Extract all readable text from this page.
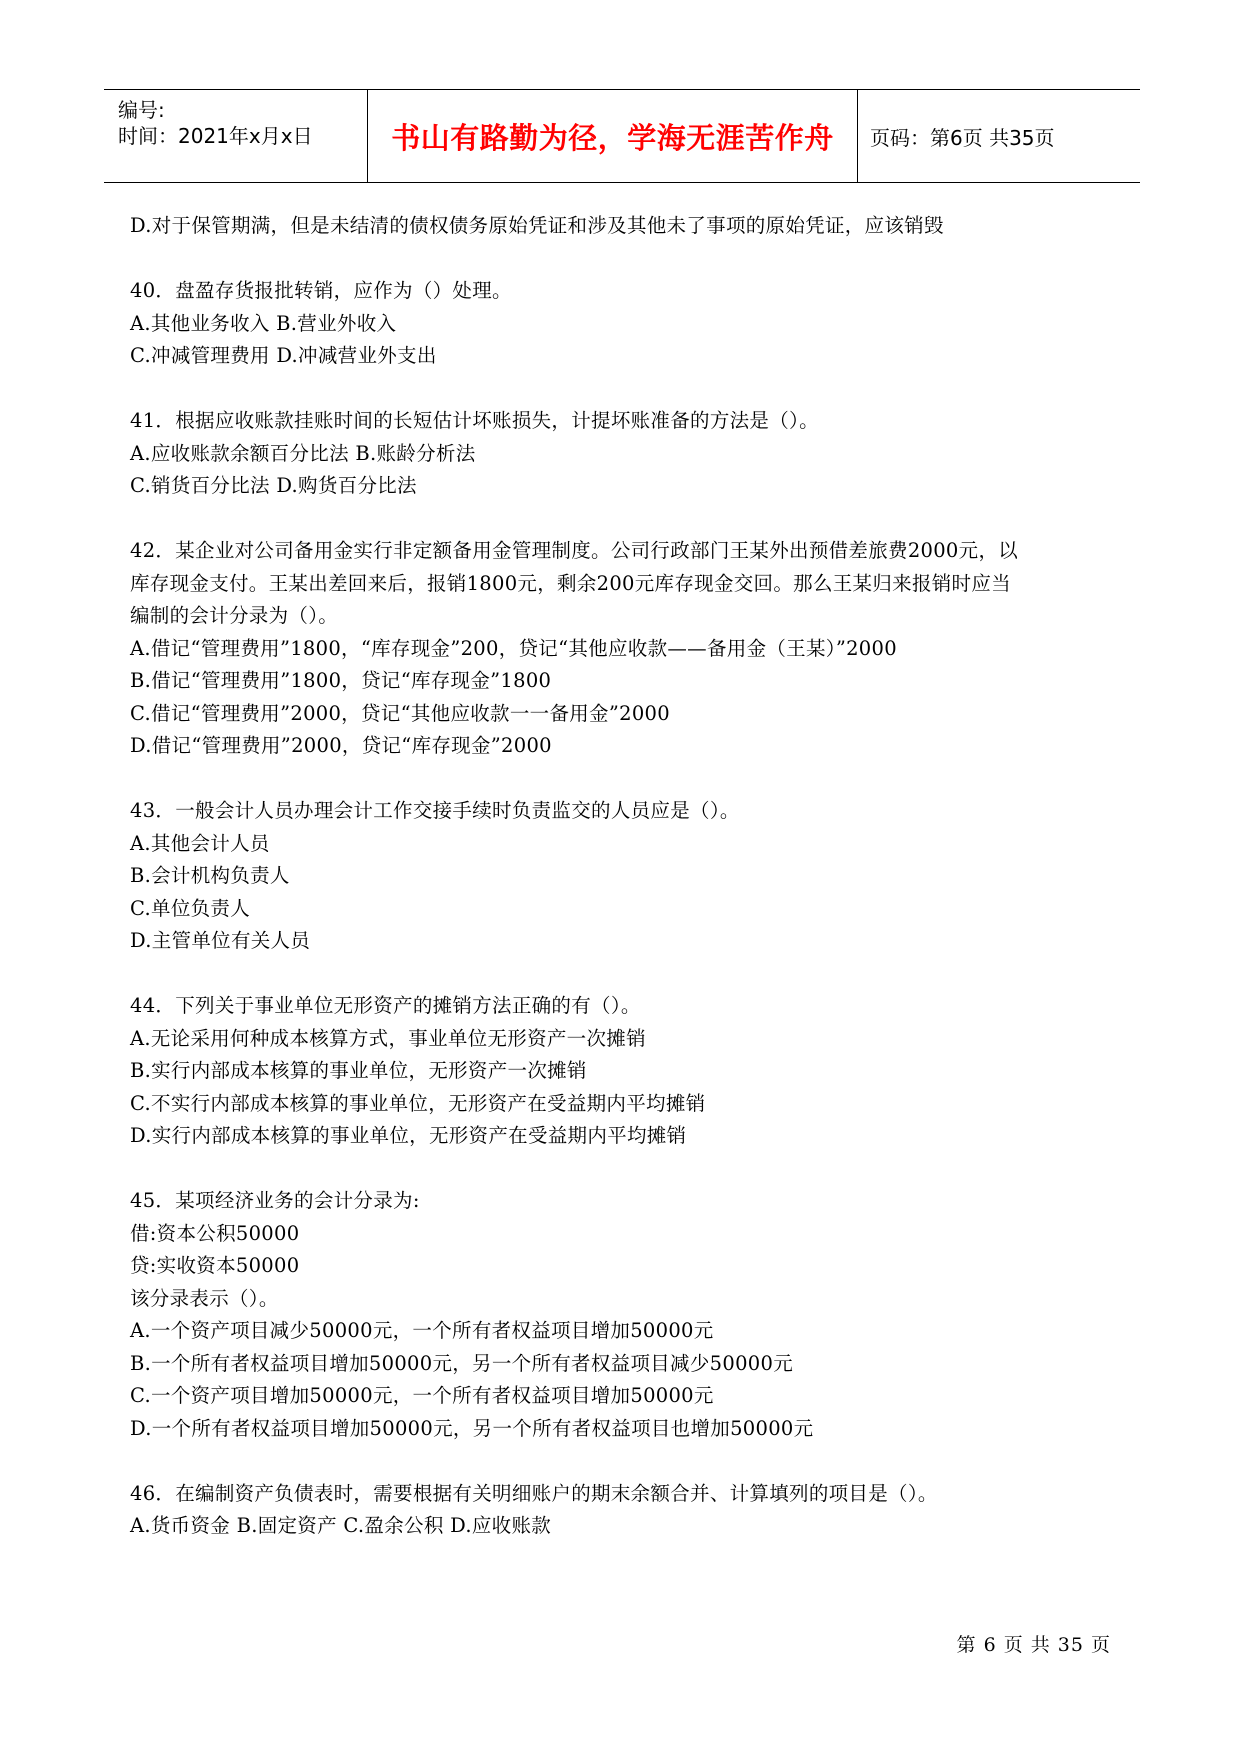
编号:
时间：2021年x月x日	书山有路勤为径，学海无涯苦作舟 页码：第6页 共35页

D.对于保管期满，但是未结清的债权债务原始凭证和涉及其他未了事项的原始凭证，应该销毁

40．盘盈存货报批转销，应作为（）处理。

A.其他业务收入 B.营业外收入

C.冲减管理费用 D.冲减营业外支出

41．根据应收账款挂账时间的长短估计坏账损失，计提坏账准备的方法是（）。

A.应收账款余额百分比法 B.账龄分析法

C.销货百分比法 D.购货百分比法

42．某企业对公司备用金实行非定额备用金管理制度。公司行政部门王某外出预借差旅费2000元，以

库存现金支付。王某出差回来后，报销1800元，剩余200元库存现金交回。那么王某归来报销时应当

编制的会计分录为（）。

A.借记“管理费用”1800，“库存现金”200，贷记“其他应收款——备用金（王某）”2000

B.借记“管理费用”1800，贷记“库存现金”1800

C.借记“管理费用”2000，贷记“其他应收款一一备用金”2000

D.借记“管理费用”2000，贷记“库存现金”2000

43．一般会计人员办理会计工作交接手续时负责监交的人员应是（）。

A.其他会计人员

B.会计机构负责人

C.单位负责人

D.主管单位有关人员

44．下列关于事业单位无形资产的摊销方法正确的有（）。

A.无论采用何种成本核算方式，事业单位无形资产一次摊销

B.实行内部成本核算的事业单位，无形资产一次摊销

C.不实行内部成本核算的事业单位，无形资产在受益期内平均摊销

D.实行内部成本核算的事业单位，无形资产在受益期内平均摊销

45．某项经济业务的会计分录为:

借:资本公积50000

贷:实收资本50000

该分录表示（）。

A.一个资产项目减少50000元，一个所有者权益项目增加50000元

B.一个所有者权益项目增加50000元，另一个所有者权益项目减少50000元

C.一个资产项目增加50000元，一个所有者权益项目增加50000元

D.一个所有者权益项目增加50000元，另一个所有者权益项目也增加50000元

46．在编制资产负债表时，需要根据有关明细账户的期末余额合并、计算填列的项目是（）。

A.货币资金 B.固定资产 C.盈余公积 D.应收账款

第 6 页 共 35 页
